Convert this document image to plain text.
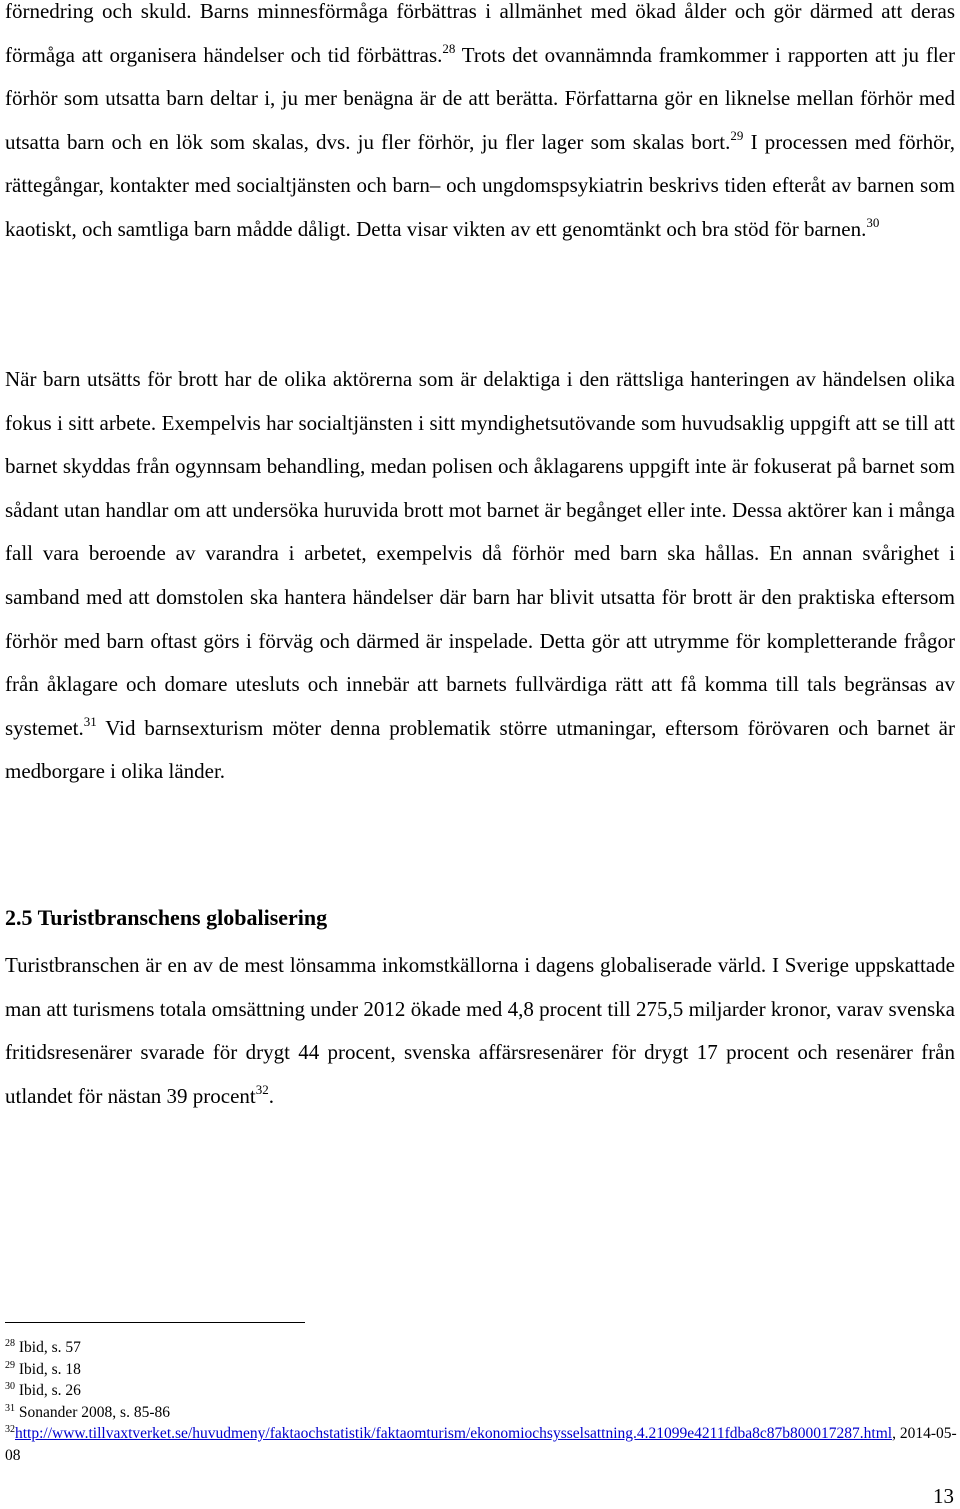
förnedring och skuld. Barns minnesförmåga förbättras i allmänhet med ökad ålder och gör därmed att deras förmåga att organisera händelser och tid förbättras.$^{28}$ Trots det ovannämnda framkommer i rapporten att ju fler förhör som utsatta barn deltar i, ju mer benägna är de att berätta. Författarna gör en liknelse mellan förhör med utsatta barn och en lök som skalas, dvs. ju fler förhör, ju fler lager som skalas bort.$^{29}$ I processen med förhör, rättegångar, kontakter med socialtjänsten och barn– och ungdomspsykiatrin beskrivs tiden efteråt av barnen som kaotiskt, och samtliga barn mådde dåligt. Detta visar vikten av ett genomtänkt och bra stöd för barnen.$^{30}$

När barn utsätts för brott har de olika aktörerna som är delaktiga i den rättsliga hanteringen av händelsen olika fokus i sitt arbete. Exempelvis har socialtjänsten i sitt myndighetsutövande som huvudsaklig uppgift att se till att barnet skyddas från ogynnsam behandling, medan polisen och åklagarens uppgift inte är fokuserat på barnet som sådant utan handlar om att undersöka huruvida brott mot barnet är begånget eller inte. Dessa aktörer kan i många fall vara beroende av varandra i arbetet, exempelvis då förhör med barn ska hållas. En annan svårighet i samband med att domstolen ska hantera händelser där barn har blivit utsatta för brott är den praktiska eftersom förhör med barn oftast görs i förväg och därmed är inspelade. Detta gör att utrymme för kompletterande frågor från åklagare och domare utesluts och innebär att barnets fullvärdiga rätt att få komma till tals begränsas av systemet.$^{31}$ Vid barnsexturism möter denna problematik större utmaningar, eftersom förövaren och barnet är medborgare i olika länder.

2.5 Turistbranschens globalisering

Turistbranschen är en av de mest lönsamma inkomstkällorna i dagens globaliserade värld. I Sverige uppskattade man att turismens totala omsättning under 2012 ökade med 4,8 procent till 275,5 miljarder kronor, varav svenska fritidsresenärer svarade för drygt 44 procent, svenska affärsresenärer för drygt 17 procent och resenärer från utlandet för nästan 39 procent$^{32}$.

$^{28}$ Ibid, s. 57
$^{29}$ Ibid, s. 18
$^{30}$ Ibid, s. 26
$^{31}$ Sonander 2008, s. 85-86
$^{32}$http://www.tillvaxtverket.se/huvudmeny/faktaochstatistik/faktaomturism/ekonomiochsysselsattning.4.21099e4211fdba8c87b800017287.html, 2014-05-08
13
